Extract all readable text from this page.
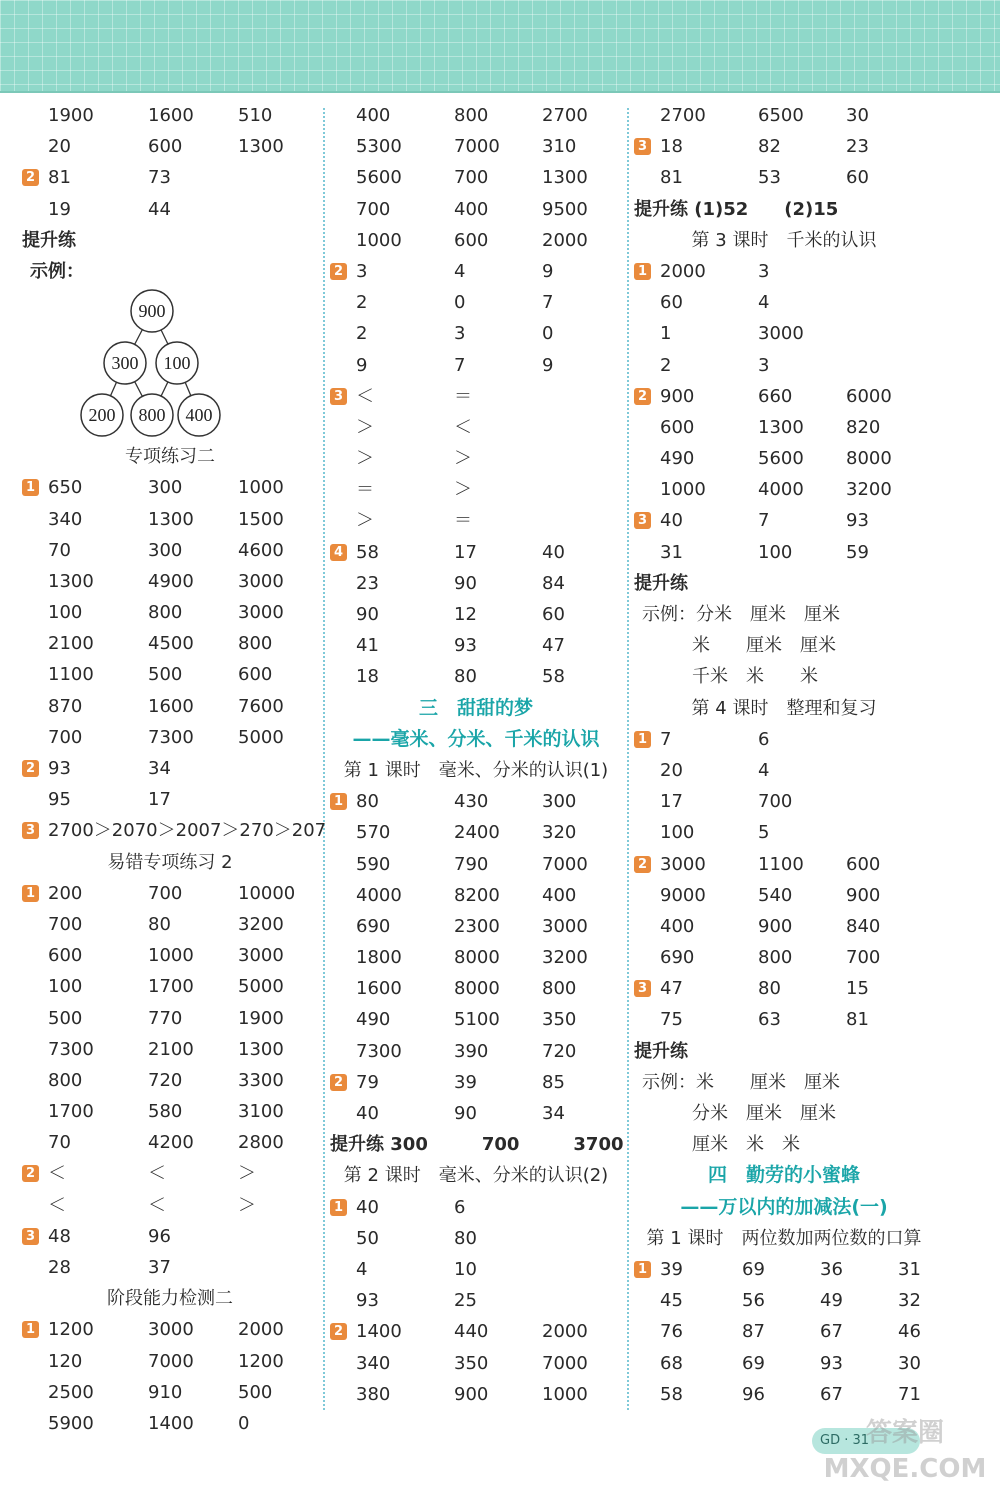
1900	1600 510
20	600	1300
2 81	73
19	44
提升练
示例：
900
300 100
200 800 400
专项练习二
1 650	300	1000
340	1300 1500
70	300	4600
1300	4900 3000
100	800	3000
2100	4500 800
1100	500	600
870	1600 7600
700	7300 5000
2 93	34
95	17
3 2700＞2070＞2007＞270＞207
易错专项练习 2
1 200	700	10000
700	80	3200
600	1000 3000
100	1700 5000
500	770	1900
7300	2100 1300
800	720	3300
1700	580	3100
70	4200 2800
2 ＜	＜	＞
＜	＜	＞
3 48	96
28	37
阶段能力检测二
1 1200	3000 2000
120	7000 1200
2500	910	500
5900	1400 0
400	800	2700
5300	7000 310
5600	700	1300
700	400	9500
1000	600	2000
2 3	4	9
2	0	7
2	3	0
9	7	9
3 ＜	＝
＞	＜
＞	＞
＝	＞
＞	＝
4 58	17	40
23	90	84
90	12	60
41	93	47
18	80	58
三　甜甜的梦
——毫米、分米、千米的认识
第 1 课时　毫米、分米的认识(1)
1 80	430	300
570	2400 320
590	790	7000
4000	8200 400
690	2300 3000
1800	8000 3200
1600	8000 800
490	5100 350
7300	390	720
2 79	39	85
40	90	34
提升练 300　　　700　　　3700
第 2 课时　毫米、分米的认识(2)
1 40	6
50	80
4	10
93	25
2 1400	440	2000
340	350	7000
380	900	1000
2700	6500 30
3 18	82	23
81	53	60
提升练 (1)52　　(2)15
第 3 课时　千米的认识
1 2000	3
60	4
1	3000
2	3
2 900	660	6000
600	1300 820
490	5600 8000
1000	4000 3200
3 40	7	93
31	100	59
提升练
示例：分米　厘米　厘米
米　　厘米　厘米
千米　米　　米
第 4 课时　整理和复习
1 7	6
20	4
17	700
100	5
2 3000	1100 600
9000	540	900
400	900	840
690	800	700
3 47	80	15
75	63	81
提升练
示例：米　　厘米　厘米
分米　厘米　厘米
厘米　米　米
四　勤劳的小蜜蜂
——万以内的加减法(一)
第 1 课时　两位数加两位数的口算
1 39	69	36	31
45	56	49	32
76	87	67	46
68	69	93	30
58	96	67	71
GD · 31
答案圈
MXQE.COM
